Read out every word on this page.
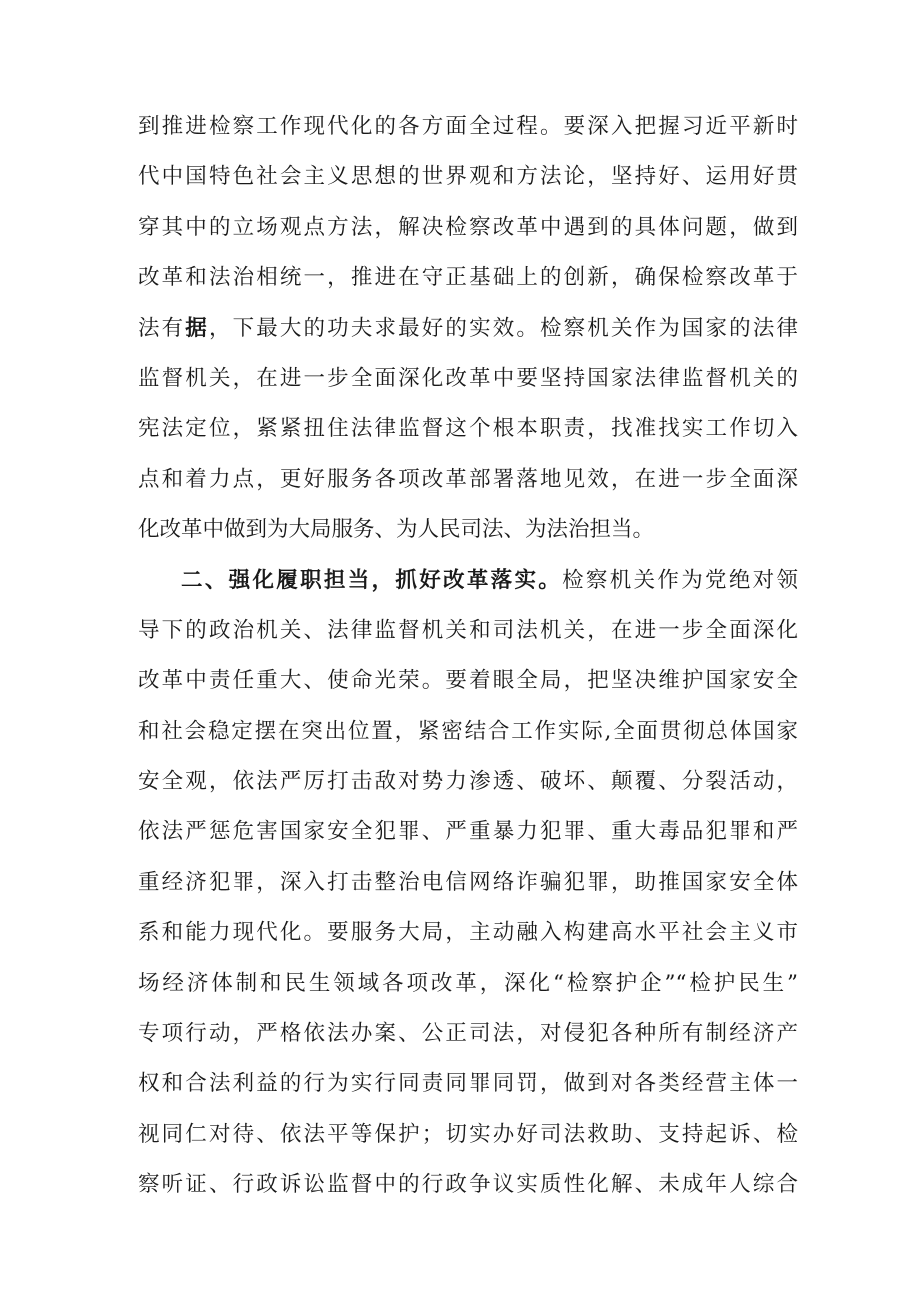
到推进检察工作现代化的各方面全过程。要深入把握习近平新时
代中国特色社会主义思想的世界观和方法论，坚持好、运用好贯
穿其中的立场观点方法，解决检察改革中遇到的具体问题，做到
改革和法治相统一，推进在守正基础上的创新，确保检察改革于
法有据，下最大的功夫求最好的实效。检察机关作为国家的法律
监督机关，在进一步全面深化改革中要坚持国家法律监督机关的
宪法定位，紧紧扭住法律监督这个根本职责，找准找实工作切入
点和着力点，更好服务各项改革部署落地见效，在进一步全面深
化改革中做到为大局服务、为人民司法、为法治担当。
二、强化履职担当，抓好改革落实。检察机关作为党绝对领
导下的政治机关、法律监督机关和司法机关，在进一步全面深化
改革中责任重大、使命光荣。要着眼全局，把坚决维护国家安全
和社会稳定摆在突出位置，紧密结合工作实际,全面贯彻总体国家
安全观，依法严厉打击敌对势力渗透、破坏、颠覆、分裂活动，
依法严惩危害国家安全犯罪、严重暴力犯罪、重大毒品犯罪和严
重经济犯罪，深入打击整治电信网络诈骗犯罪，助推国家安全体
系和能力现代化。要服务大局，主动融入构建高水平社会主义市
场经济体制和民生领域各项改革，深化“检察护企”“检护民生”
专项行动，严格依法办案、公正司法，对侵犯各种所有制经济产
权和合法利益的行为实行同责同罪同罚，做到对各类经营主体一
视同仁对待、依法平等保护；切实办好司法救助、支持起诉、检
察听证、行政诉讼监督中的行政争议实质性化解、未成年人综合
